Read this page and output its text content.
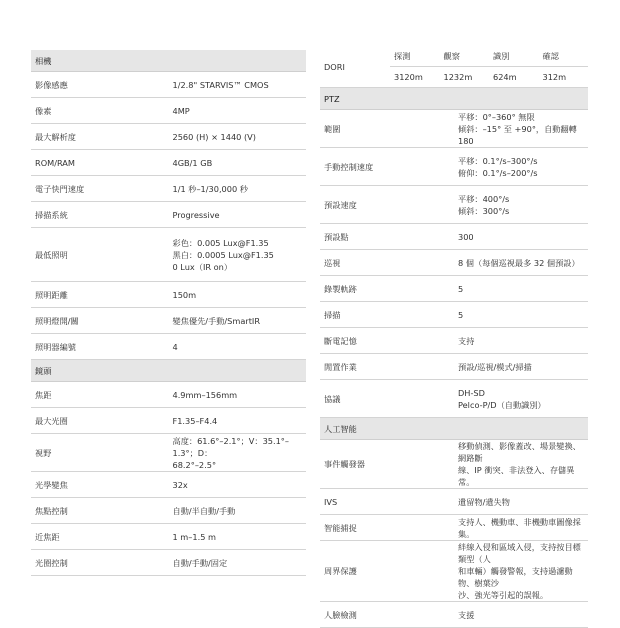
相機	
影像感應	1/2.8" STARVIS™ CMOS
像素	4MP
最大解析度	2560 (H) × 1440 (V)
ROM/RAM	4GB/1 GB
電子快門速度	1/1 秒–1/30,000 秒
掃描系統	Progressive
最低照明	彩色：0.005 Lux@F1.35
黑白：0.0005 Lux@F1.35
0 Lux（IR on）
照明距離	150m
照明燈開/關	變焦優先/手動/SmartIR
照明器編號	4
鏡頭	
焦距	4.9mm–156mm
最大光圈	F1.35–F4.4
視野	高度：61.6°–2.1°；V：35.1°–1.3°；D：
68.2°–2.5°
光學變焦	32x
焦點控制	自動/半自動/手動
近焦距	1 m–1.5 m
光圈控制	自動/手動/固定
DORI	探測	觀察	識別	確認
	3120m	1232m	624m	312m
PTZ	
範圍	平移：0°–360° 無限
傾斜：–15° 至 +90°，自動翻轉 180
手動控制速度	平移：0.1°/s–300°/s
俯仰：0.1°/s–200°/s
預設速度	平移：400°/s
傾斜：300°/s
預設點	300
巡視	8 個（每個巡視最多 32 個預設）
錄製軌跡	5
掃描	5
斷電記憶	支持
閒置作業	預設/巡視/模式/掃描
協議	DH-SD
Pelco-P/D（自動識別）
人工智能	
事件觸發器	移動偵測、影像蓋改、場景變換、網路斷
線、IP 衝突、非法登入、存儲異常。
IVS	遺留物/遺失物
智能捕捉	支持人、機動車、非機動車圖像採集。
周界保護	絆線入侵和區域入侵，支持按目標類型（人
和車輛）觸發警報，支持過濾動物、樹葉沙
沙、強光等引起的誤報。
人臉檢測	支援
